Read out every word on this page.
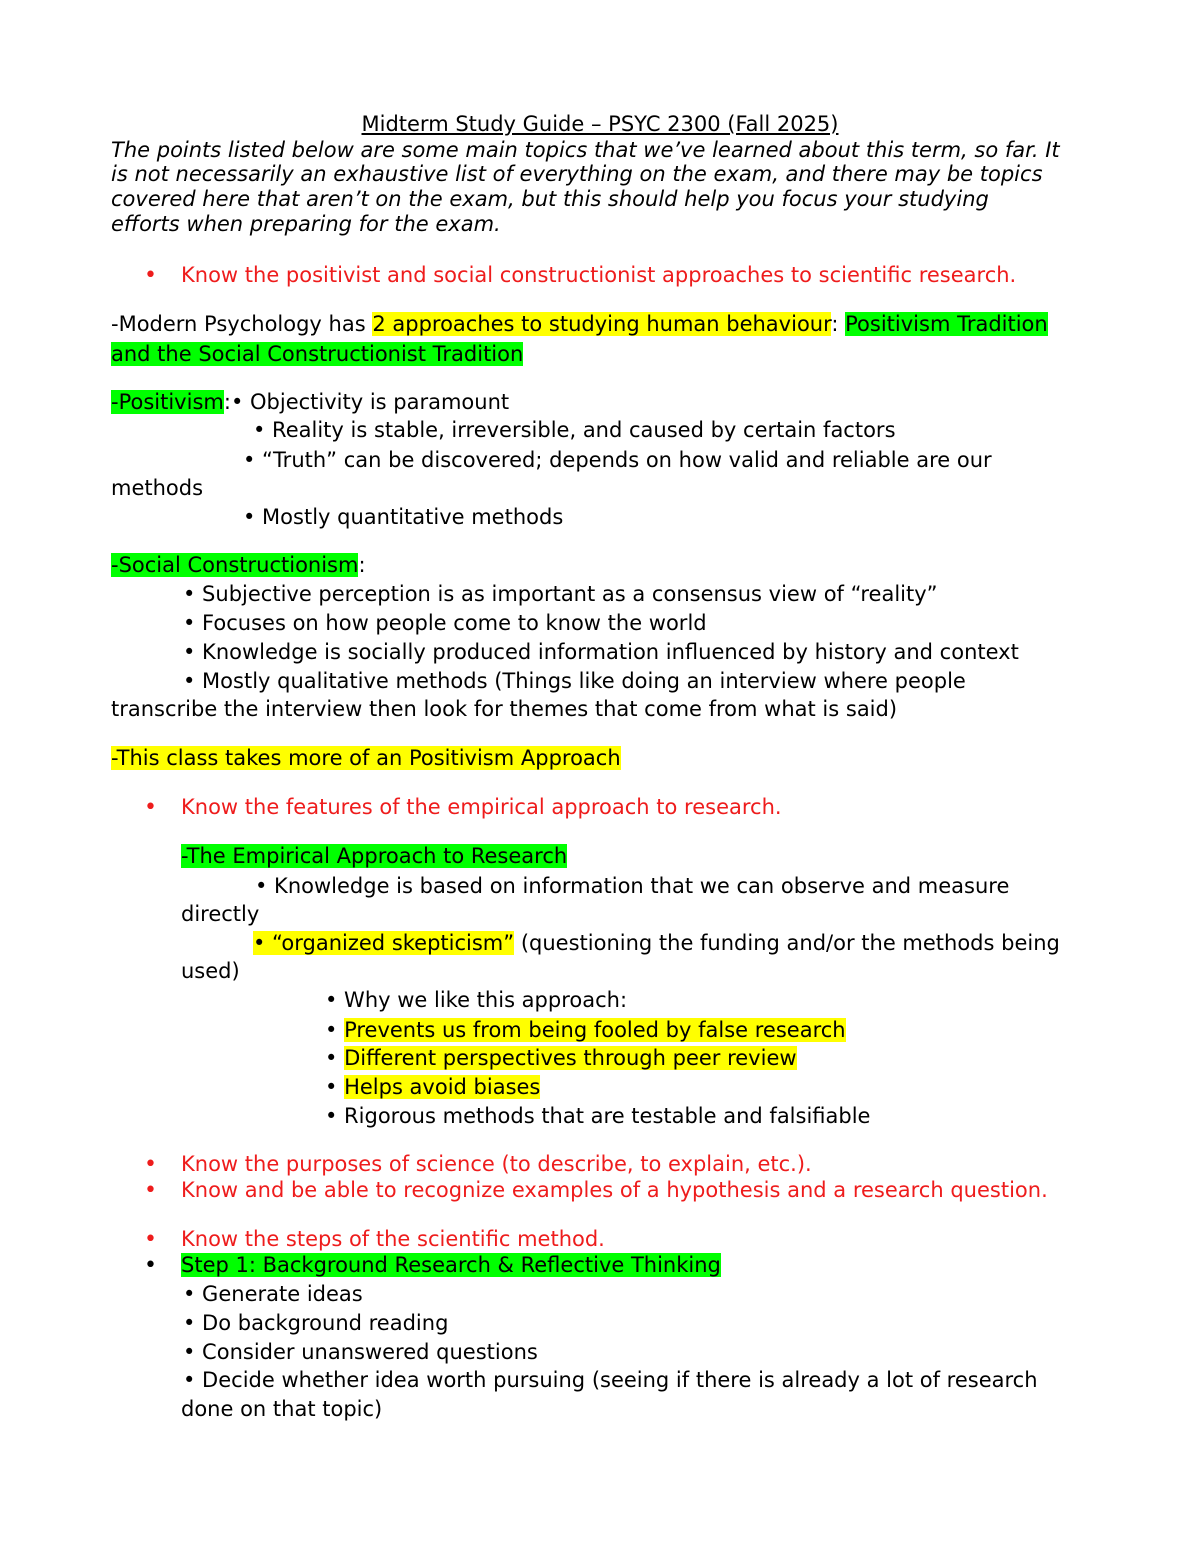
Midterm Study Guide – PSYC 2300 (Fall 2025)
The points listed below are some main topics that we’ve learned about this term, so far. It
is not necessarily an exhaustive list of everything on the exam, and there may be topics
covered here that aren’t on the exam, but this should help you focus your studying
efforts when preparing for the exam.
• Know the positivist and social constructionist approaches to scientific research.
-Modern Psychology has 2 approaches to studying human behaviour: Positivism Tradition
and the Social Constructionist Tradition
-Positivism:• Objectivity is paramount
• Reality is stable, irreversible, and caused by certain factors
• “Truth” can be discovered; depends on how valid and reliable are our
methods
• Mostly quantitative methods
-Social Constructionism:
• Subjective perception is as important as a consensus view of “reality”
• Focuses on how people come to know the world
• Knowledge is socially produced information influenced by history and context
• Mostly qualitative methods (Things like doing an interview where people
transcribe the interview then look for themes that come from what is said)
-This class takes more of an Positivism Approach
• Know the features of the empirical approach to research.
-The Empirical Approach to Research
• Knowledge is based on information that we can observe and measure
directly
• “organized skepticism” (questioning the funding and/or the methods being
used)
• Why we like this approach:
• Prevents us from being fooled by false research
• Different perspectives through peer review
• Helps avoid biases
• Rigorous methods that are testable and falsifiable
• Know the purposes of science (to describe, to explain, etc.).
• Know and be able to recognize examples of a hypothesis and a research question.
• Know the steps of the scientific method.
• Step 1: Background Research & Reflective Thinking
• Generate ideas
• Do background reading
• Consider unanswered questions
• Decide whether idea worth pursuing (seeing if there is already a lot of research
done on that topic)
